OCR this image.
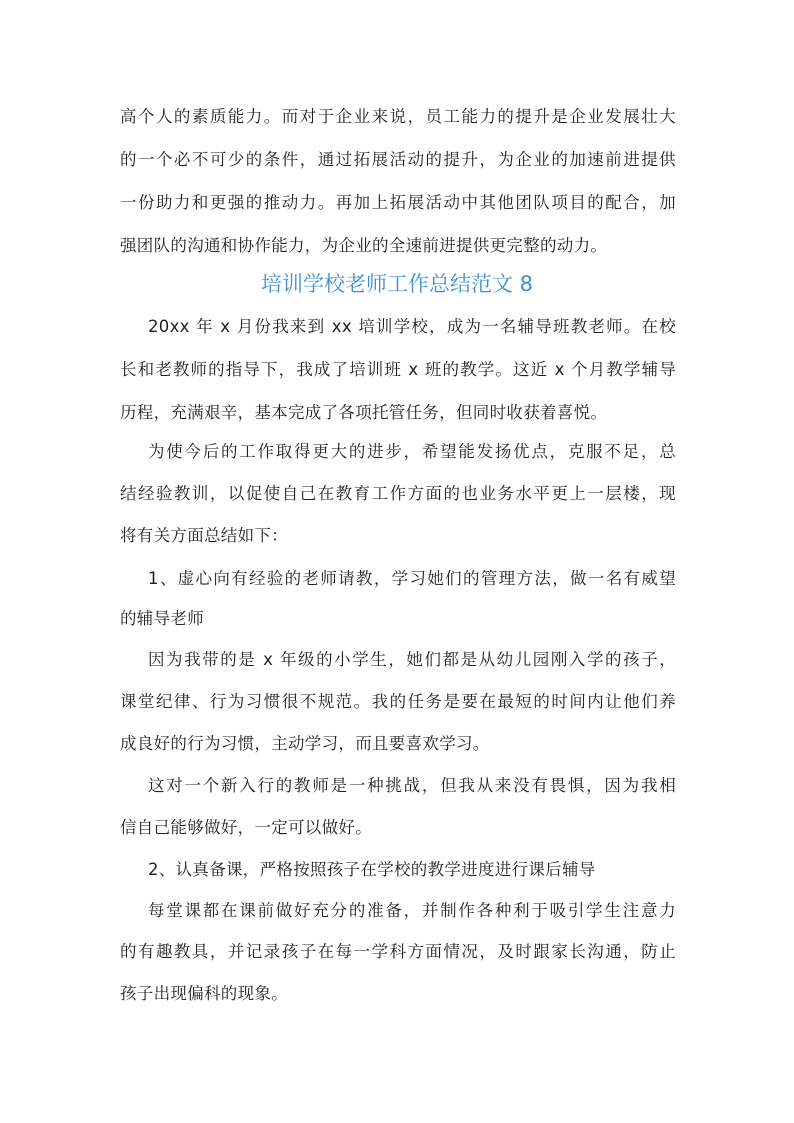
高个人的素质能力。而对于企业来说，员工能力的提升是企业发展壮大
的一个必不可少的条件，通过拓展活动的提升，为企业的加速前进提供
一份助力和更强的推动力。再加上拓展活动中其他团队项目的配合，加
强团队的沟通和协作能力，为企业的全速前进提供更完整的动力。
培训学校老师工作总结范文 8
20xx 年 x 月份我来到 xx 培训学校，成为一名辅导班教老师。在校
长和老教师的指导下，我成了培训班 x 班的教学。这近 x 个月教学辅导
历程，充满艰辛，基本完成了各项托管任务，但同时收获着喜悦。
为使今后的工作取得更大的进步，希望能发扬优点，克服不足，总
结经验教训，以促使自己在教育工作方面的也业务水平更上一层楼，现
将有关方面总结如下：
1、虚心向有经验的老师请教，学习她们的管理方法，做一名有威望
的辅导老师
因为我带的是 x 年级的小学生，她们都是从幼儿园刚入学的孩子，
课堂纪律、行为习惯很不规范。我的任务是要在最短的时间内让他们养
成良好的行为习惯，主动学习，而且要喜欢学习。
这对一个新入行的教师是一种挑战，但我从来没有畏惧，因为我相
信自己能够做好，一定可以做好。
2、认真备课，严格按照孩子在学校的教学进度进行课后辅导
每堂课都在课前做好充分的准备，并制作各种利于吸引学生注意力
的有趣教具，并记录孩子在每一学科方面情况，及时跟家长沟通，防止
孩子出现偏科的现象。
